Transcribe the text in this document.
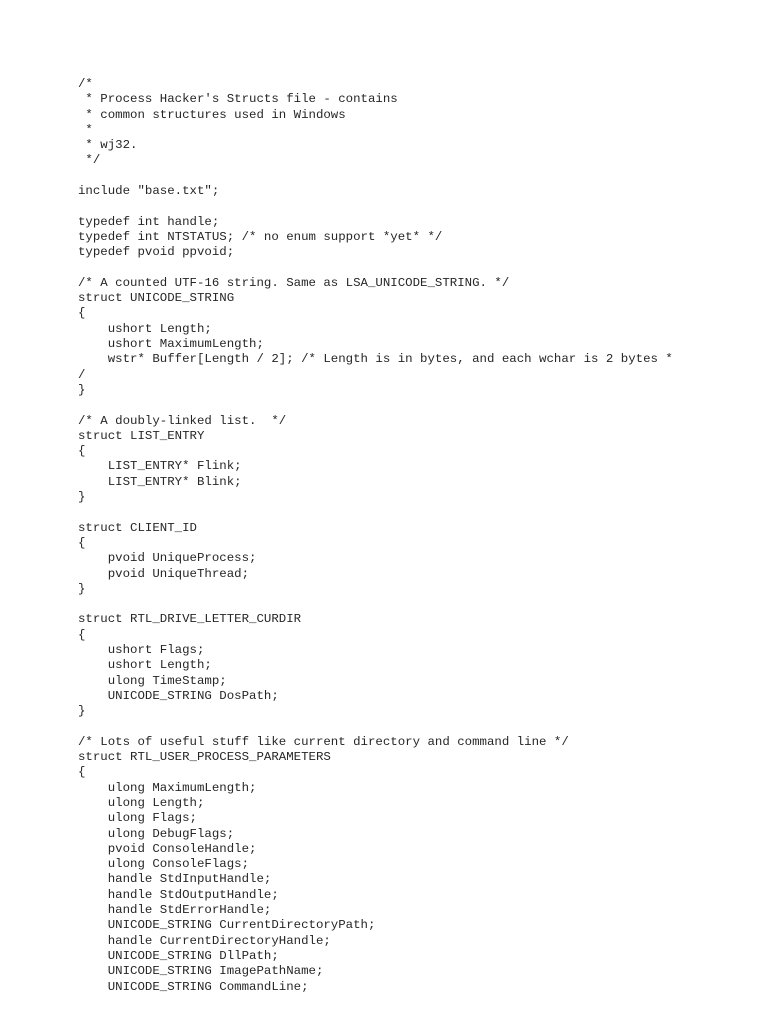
/*
* Process Hacker's Structs file - contains
* common structures used in Windows
*
* wj32.
*/
include "base.txt";
typedef int handle;
typedef int NTSTATUS; /* no enum support *yet* */
typedef pvoid ppvoid;
/* A counted UTF-16 string. Same as LSA_UNICODE_STRING. */
struct UNICODE_STRING
{
ushort Length;
ushort MaximumLength;
wstr* Buffer[Length / 2]; /* Length is in bytes, and each wchar is 2 bytes *
/
}
/* A doubly-linked list.  */
struct LIST_ENTRY
{
LIST_ENTRY* Flink;
LIST_ENTRY* Blink;
}
struct CLIENT_ID
{
pvoid UniqueProcess;
pvoid UniqueThread;
}
struct RTL_DRIVE_LETTER_CURDIR
{
ushort Flags;
ushort Length;
ulong TimeStamp;
UNICODE_STRING DosPath;
}
/* Lots of useful stuff like current directory and command line */
struct RTL_USER_PROCESS_PARAMETERS
{
ulong MaximumLength;
ulong Length;
ulong Flags;
ulong DebugFlags;
pvoid ConsoleHandle;
ulong ConsoleFlags;
handle StdInputHandle;
handle StdOutputHandle;
handle StdErrorHandle;
UNICODE_STRING CurrentDirectoryPath;
handle CurrentDirectoryHandle;
UNICODE_STRING DllPath;
UNICODE_STRING ImagePathName;
UNICODE_STRING CommandLine;
